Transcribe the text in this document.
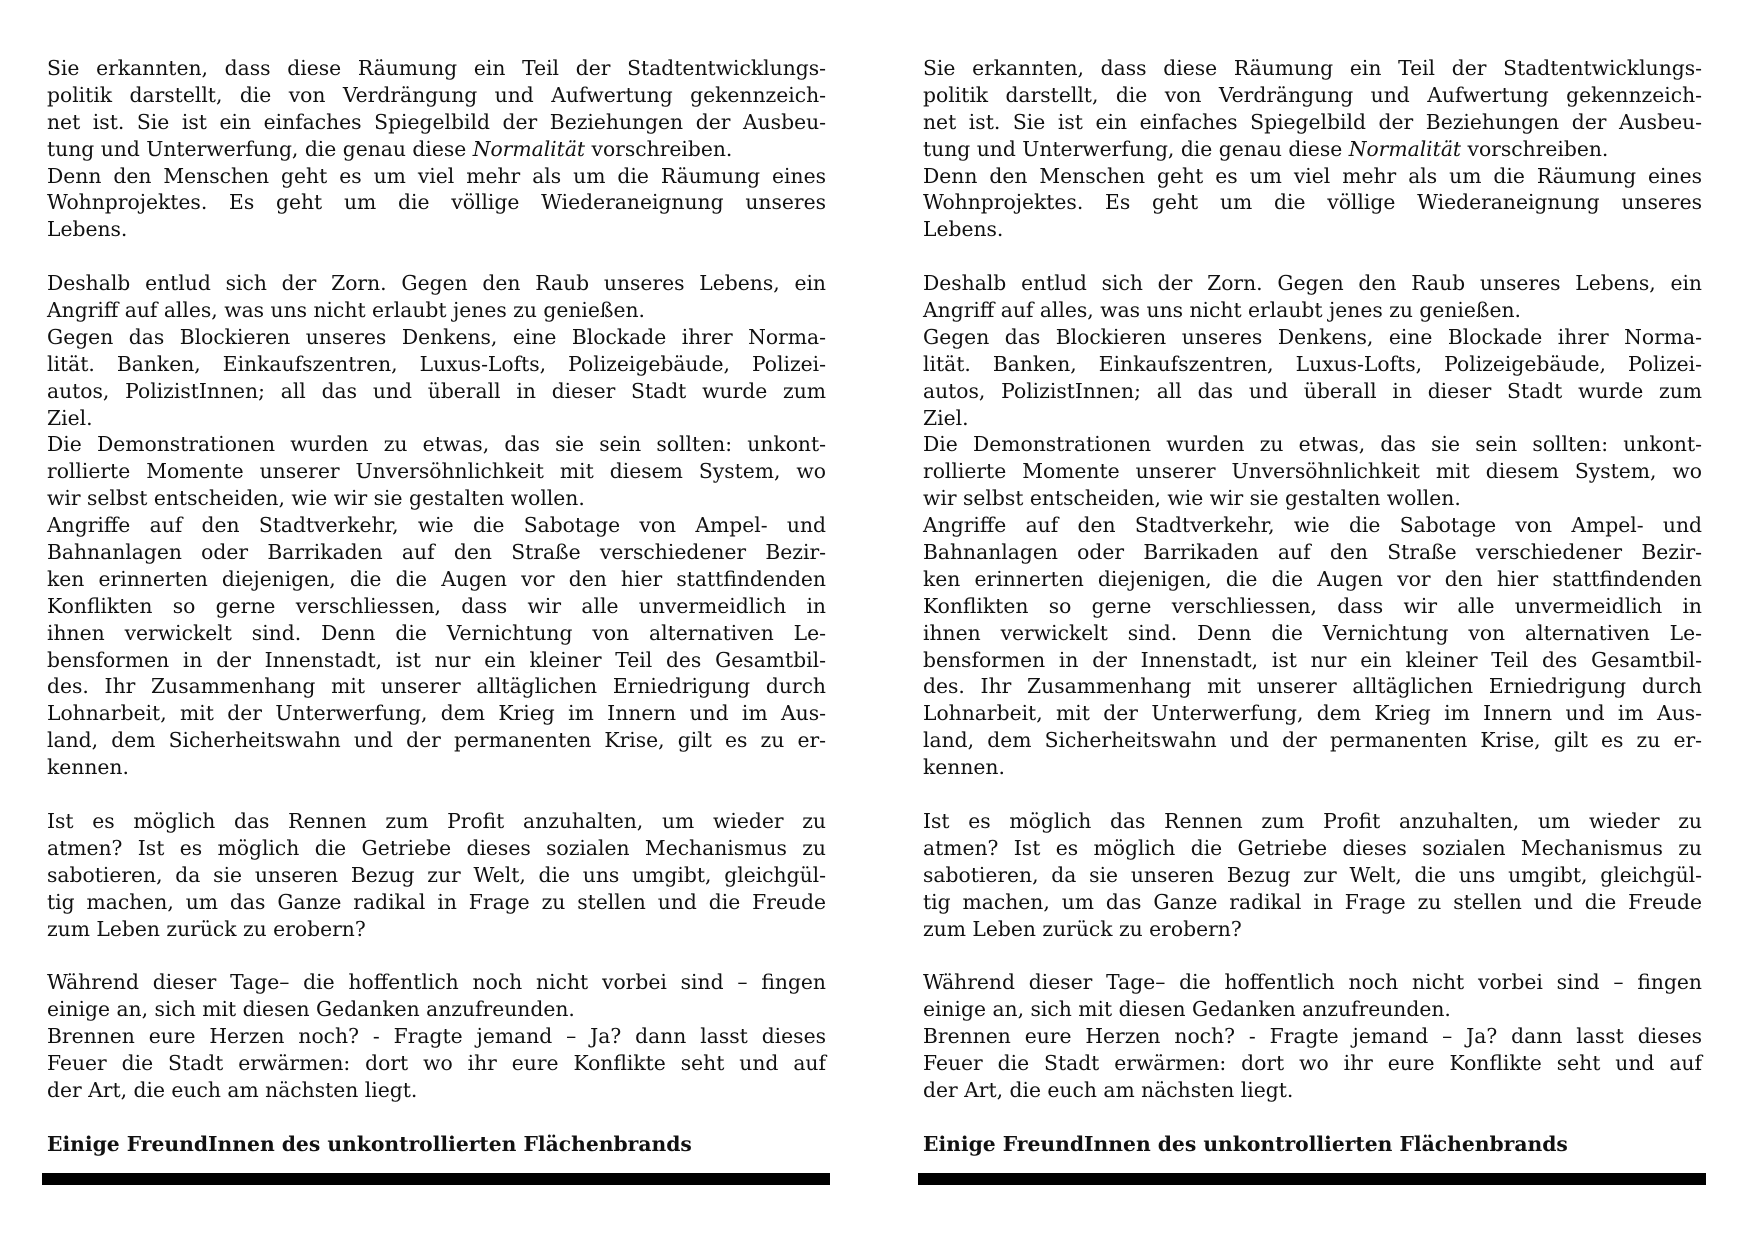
Sie erkannten, dass diese Räumung ein Teil der Stadtentwicklungs-
politik darstellt, die von Verdrängung und Aufwertung gekennzeich-
net ist. Sie ist ein einfaches Spiegelbild der Beziehungen der Ausbeu-
tung und Unterwerfung, die genau diese Normalität vorschreiben.
Denn den Menschen geht es um viel mehr als um die Räumung eines
Wohnprojektes. Es geht um die völlige Wiederaneignung unseres
Lebens.
Deshalb entlud sich der Zorn. Gegen den Raub unseres Lebens, ein
Angriff auf alles, was uns nicht erlaubt jenes zu genießen.
Gegen das Blockieren unseres Denkens, eine Blockade ihrer Norma-
lität. Banken, Einkaufszentren, Luxus-Lofts, Polizeigebäude, Polizei-
autos, PolizistInnen; all das und überall in dieser Stadt wurde zum
Ziel.
Die Demonstrationen wurden zu etwas, das sie sein sollten: unkont-
rollierte Momente unserer Unversöhnlichkeit mit diesem System, wo
wir selbst entscheiden, wie wir sie gestalten wollen.
Angriffe auf den Stadtverkehr, wie die Sabotage von Ampel- und
Bahnanlagen oder Barrikaden auf den Straße verschiedener Bezir-
ken erinnerten diejenigen, die die Augen vor den hier stattfindenden
Konflikten so gerne verschliessen, dass wir alle unvermeidlich in
ihnen verwickelt sind. Denn die Vernichtung von alternativen Le-
bensformen in der Innenstadt, ist nur ein kleiner Teil des Gesamtbil-
des. Ihr Zusammenhang mit unserer alltäglichen Erniedrigung durch
Lohnarbeit, mit der Unterwerfung, dem Krieg im Innern und im Aus-
land, dem Sicherheitswahn und der permanenten Krise, gilt es zu er-
kennen.
Ist es möglich das Rennen zum Profit anzuhalten, um wieder zu
atmen? Ist es möglich die Getriebe dieses sozialen Mechanismus zu
sabotieren, da sie unseren Bezug zur Welt, die uns umgibt, gleichgül-
tig machen, um das Ganze radikal in Frage zu stellen und die Freude
zum Leben zurück zu erobern?
Während dieser Tage– die hoffentlich noch nicht vorbei sind – fingen
einige an, sich mit diesen Gedanken anzufreunden.
Brennen eure Herzen noch? - Fragte jemand – Ja? dann lasst dieses
Feuer die Stadt erwärmen: dort wo ihr eure Konflikte seht und auf
der Art, die euch am nächsten liegt.
Einige FreundInnen des unkontrollierten Flächenbrands
Sie erkannten, dass diese Räumung ein Teil der Stadtentwicklungs-
politik darstellt, die von Verdrängung und Aufwertung gekennzeich-
net ist. Sie ist ein einfaches Spiegelbild der Beziehungen der Ausbeu-
tung und Unterwerfung, die genau diese Normalität vorschreiben.
Denn den Menschen geht es um viel mehr als um die Räumung eines
Wohnprojektes. Es geht um die völlige Wiederaneignung unseres
Lebens.
Deshalb entlud sich der Zorn. Gegen den Raub unseres Lebens, ein
Angriff auf alles, was uns nicht erlaubt jenes zu genießen.
Gegen das Blockieren unseres Denkens, eine Blockade ihrer Norma-
lität. Banken, Einkaufszentren, Luxus-Lofts, Polizeigebäude, Polizei-
autos, PolizistInnen; all das und überall in dieser Stadt wurde zum
Ziel.
Die Demonstrationen wurden zu etwas, das sie sein sollten: unkont-
rollierte Momente unserer Unversöhnlichkeit mit diesem System, wo
wir selbst entscheiden, wie wir sie gestalten wollen.
Angriffe auf den Stadtverkehr, wie die Sabotage von Ampel- und
Bahnanlagen oder Barrikaden auf den Straße verschiedener Bezir-
ken erinnerten diejenigen, die die Augen vor den hier stattfindenden
Konflikten so gerne verschliessen, dass wir alle unvermeidlich in
ihnen verwickelt sind. Denn die Vernichtung von alternativen Le-
bensformen in der Innenstadt, ist nur ein kleiner Teil des Gesamtbil-
des. Ihr Zusammenhang mit unserer alltäglichen Erniedrigung durch
Lohnarbeit, mit der Unterwerfung, dem Krieg im Innern und im Aus-
land, dem Sicherheitswahn und der permanenten Krise, gilt es zu er-
kennen.
Ist es möglich das Rennen zum Profit anzuhalten, um wieder zu
atmen? Ist es möglich die Getriebe dieses sozialen Mechanismus zu
sabotieren, da sie unseren Bezug zur Welt, die uns umgibt, gleichgül-
tig machen, um das Ganze radikal in Frage zu stellen und die Freude
zum Leben zurück zu erobern?
Während dieser Tage– die hoffentlich noch nicht vorbei sind – fingen
einige an, sich mit diesen Gedanken anzufreunden.
Brennen eure Herzen noch? - Fragte jemand – Ja? dann lasst dieses
Feuer die Stadt erwärmen: dort wo ihr eure Konflikte seht und auf
der Art, die euch am nächsten liegt.
Einige FreundInnen des unkontrollierten Flächenbrands
